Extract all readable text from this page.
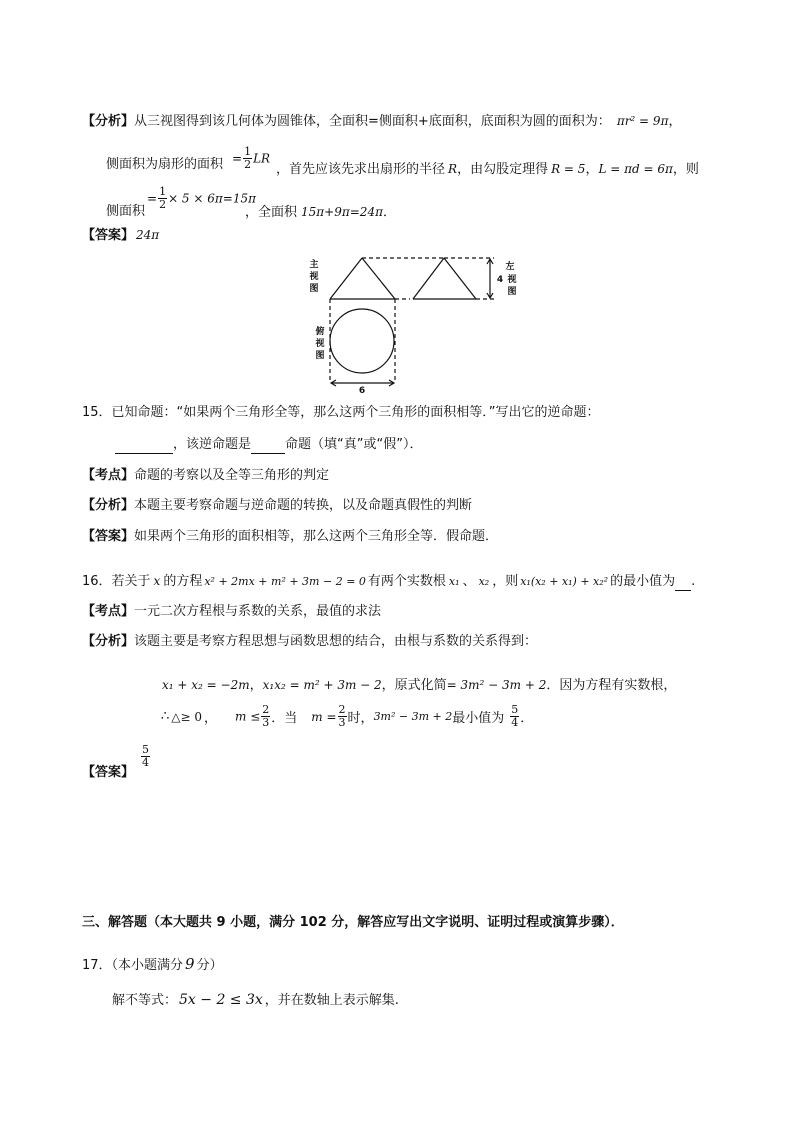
【分析】从三视图得到该几何体为圆锥体，全面积=侧面积+底面积，底面积为圆的面积为： πr² = 9π，
侧面积为扇形的面积 = $\frac{1}{2}$ LR
，首先应该先求出扇形的半径 R，由勾股定理得 R = 5，L = πd = 6π，则
侧面积
= $\frac{1}{2} \times 5 \times 6\pi=15\pi$
，全面积 15π+9π=24π．
【答案】 24π
主
视
图
左
视
图
4
俯
视
图
6
15．已知命题：“如果两个三角形全等，那么这两个三角形的面积相等．”写出它的逆命题：
，该逆命题是	命题（填“真”或“假”）．
【考点】命题的考察以及全等三角形的判定
【分析】本题主要考察命题与逆命题的转换，以及命题真假性的判断
【答案】如果两个三角形的面积相等，那么这两个三角形全等．假命题．
16．若关于 x 的方程 x² + 2mx + m² + 3m − 2 = 0 有两个实数根 x₁ 、 x₂ ，则 x₁(x₂ + x₁) + x₂² 的最小值为 .
【考点】一元二次方程根与系数的关系，最值的求法
【分析】该题主要是考察方程思想与函数思想的结合，由根与系数的关系得到：
x₁ + x₂ = −2m，x₁x₂ = m² + 3m − 2，原式化简= 3m² − 3m + 2．因为方程有实数根，
∴ △≥ 0 ， $m \le \frac{2}{3}$ ．当 $m = \frac{2}{3}$ 时，3m² − 3m + 2最小值为 $\frac{5}{4}$ ．
【答案】
$\frac{5}{4}$
三、解答题（本大题共 9 小题，满分 102 分，解答应写出文字说明、证明过程或演算步骤）．
17．（本小题满分 9 分）
解不等式： 5x − 2 ≤ 3x ，并在数轴上表示解集.
